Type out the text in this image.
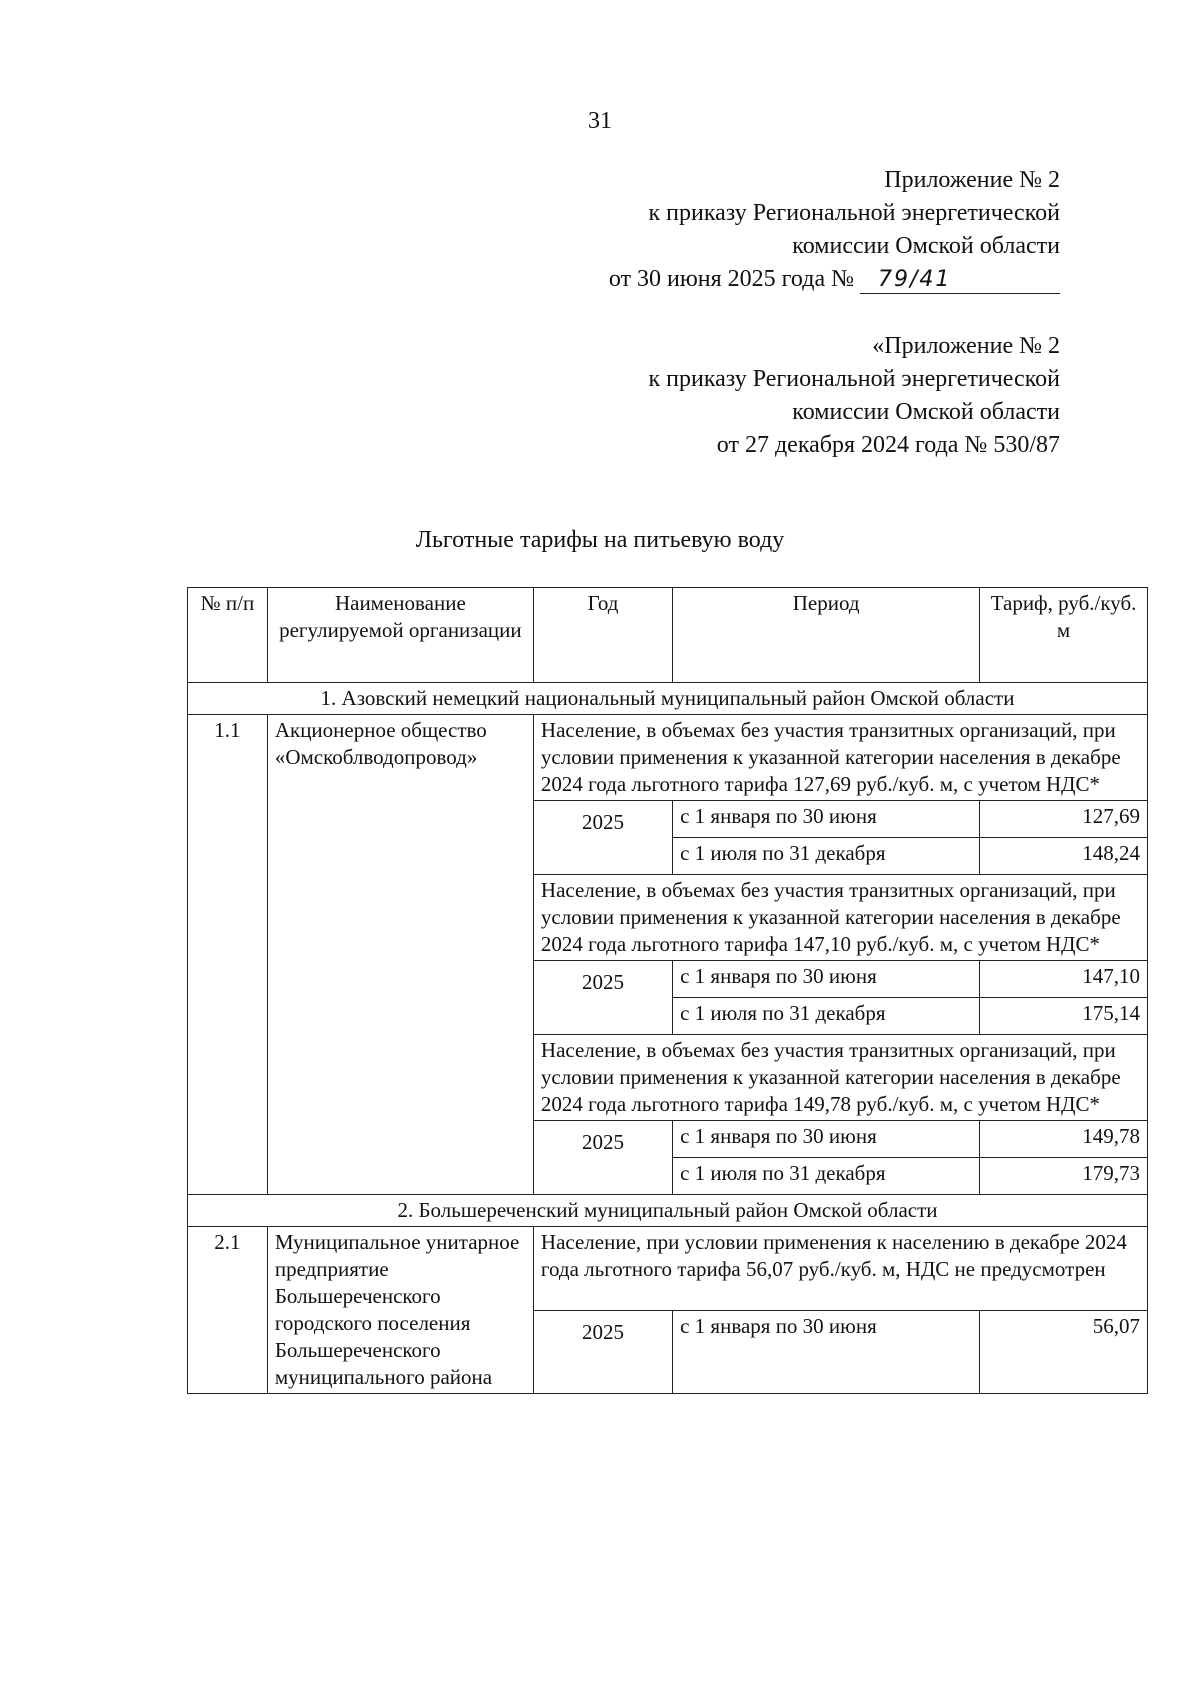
31
Приложение № 2
к приказу Региональной энергетической
комиссии Омской области
от 30 июня 2025 года № 79/41
«Приложение № 2
к приказу Региональной энергетической
комиссии Омской области
от 27 декабря 2024 года № 530/87
Льготные тарифы на питьевую воду
№ п/п	Наименование регулируемой организации	Год	Период	Тариф, руб./куб. м
1. Азовский немецкий национальный муниципальный район Омской области				
1.1	Акционерное общество «Омскоблводопровод»	Население, в объемах без участия транзитных организаций, при условии применения к указанной категории населения в декабре 2024 года льготного тарифа 127,69 руб./куб. м, с учетом НДС*		
		2025	с 1 января по 30 июня	127,69
			с 1 июля по 31 декабря	148,24
		Население, в объемах без участия транзитных организаций, при условии применения к указанной категории населения в декабре 2024 года льготного тарифа 147,10 руб./куб. м, с учетом НДС*		
		2025	с 1 января по 30 июня	147,10
			с 1 июля по 31 декабря	175,14
		Население, в объемах без участия транзитных организаций, при условии применения к указанной категории населения в декабре 2024 года льготного тарифа 149,78 руб./куб. м, с учетом НДС*		
		2025	с 1 января по 30 июня	149,78
			с 1 июля по 31 декабря	179,73
2. Большереченский муниципальный район Омской области				
2.1	Муниципальное унитарное предприятие Большереченского городского поселения Большереченского муниципального района	Население, при условии применения к населению в декабре 2024 года льготного тарифа 56,07 руб./куб. м, НДС не предусмотрен		
		2025	с 1 января по 30 июня	56,07
